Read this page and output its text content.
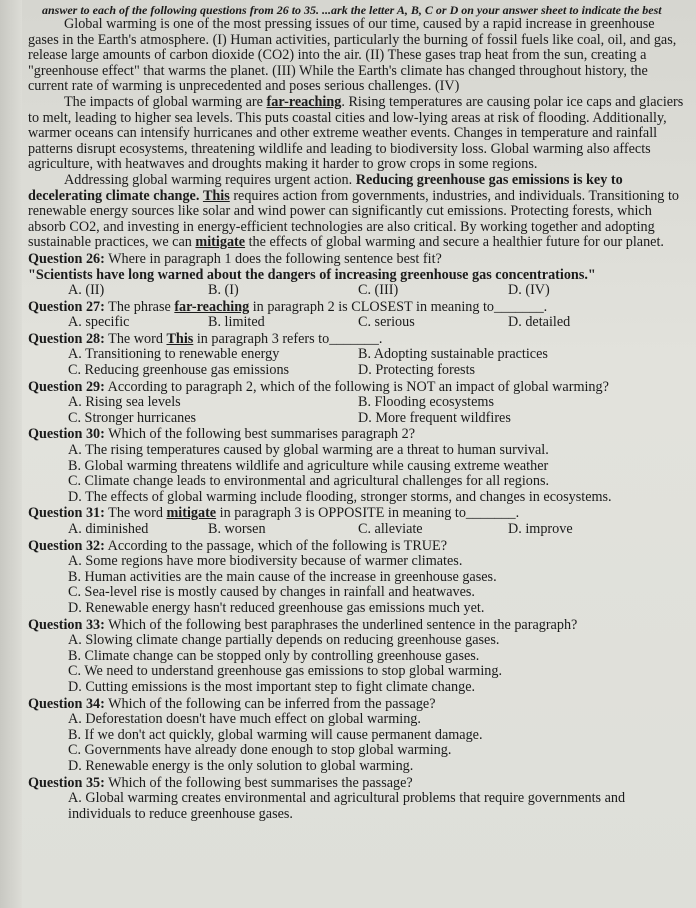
answer to each of the following questions from 26 to 35. ...ark the letter A, B, C or D on your answer sheet to indicate the best

Global warming is one of the most pressing issues of our time, caused by a rapid increase in greenhouse gases in the Earth's atmosphere. (I) Human activities, particularly the burning of fossil fuels like coal, oil, and gas, release large amounts of carbon dioxide (CO2) into the air. (II) These gases trap heat from the sun, creating a "greenhouse effect" that warms the planet. (III) While the Earth's climate has changed throughout history, the current rate of warming is unprecedented and poses serious challenges. (IV)

The impacts of global warming are far-reaching. Rising temperatures are causing polar ice caps and glaciers to melt, leading to higher sea levels. This puts coastal cities and low-lying areas at risk of flooding. Additionally, warmer oceans can intensify hurricanes and other extreme weather events. Changes in temperature and rainfall patterns disrupt ecosystems, threatening wildlife and leading to biodiversity loss. Global warming also affects agriculture, with heatwaves and droughts making it harder to grow crops in some regions.

Addressing global warming requires urgent action. Reducing greenhouse gas emissions is key to decelerating climate change. This requires action from governments, industries, and individuals. Transitioning to renewable energy sources like solar and wind power can significantly cut emissions. Protecting forests, which absorb CO2, and investing in energy-efficient technologies are also critical. By working together and adopting sustainable practices, we can mitigate the effects of global warming and secure a healthier future for our planet.

Question 26: Where in paragraph 1 does the following sentence best fit?
"Scientists have long warned about the dangers of increasing greenhouse gas concentrations."
A. (II)	B. (I)	C. (III)	D. (IV)
Question 27: The phrase far-reaching in paragraph 2 is CLOSEST in meaning to_______.
A. specific	B. limited	C. serious	D. detailed
Question 28: The word This in paragraph 3 refers to_______.
A. Transitioning to renewable energy	B. Adopting sustainable practices
C. Reducing greenhouse gas emissions	D. Protecting forests
Question 29: According to paragraph 2, which of the following is NOT an impact of global warming?
A. Rising sea levels	B. Flooding ecosystems
C. Stronger hurricanes	D. More frequent wildfires
Question 30: Which of the following best summarises paragraph 2?
A. The rising temperatures caused by global warming are a threat to human survival.
B. Global warming threatens wildlife and agriculture while causing extreme weather
C. Climate change leads to environmental and agricultural challenges for all regions.
D. The effects of global warming include flooding, stronger storms, and changes in ecosystems.
Question 31: The word mitigate in paragraph 3 is OPPOSITE in meaning to_______.
A. diminished	B. worsen	C. alleviate	D. improve
Question 32: According to the passage, which of the following is TRUE?
A. Some regions have more biodiversity because of warmer climates.
B. Human activities are the main cause of the increase in greenhouse gases.
C. Sea-level rise is mostly caused by changes in rainfall and heatwaves.
D. Renewable energy hasn't reduced greenhouse gas emissions much yet.
Question 33: Which of the following best paraphrases the underlined sentence in the paragraph?
A. Slowing climate change partially depends on reducing greenhouse gases.
B. Climate change can be stopped only by controlling greenhouse gases.
C. We need to understand greenhouse gas emissions to stop global warming.
D. Cutting emissions is the most important step to fight climate change.
Question 34: Which of the following can be inferred from the passage?
A. Deforestation doesn't have much effect on global warming.
B. If we don't act quickly, global warming will cause permanent damage.
C. Governments have already done enough to stop global warming.
D. Renewable energy is the only solution to global warming.
Question 35: Which of the following best summarises the passage?
A. Global warming creates environmental and agricultural problems that require governments and individuals to reduce greenhouse gases.
